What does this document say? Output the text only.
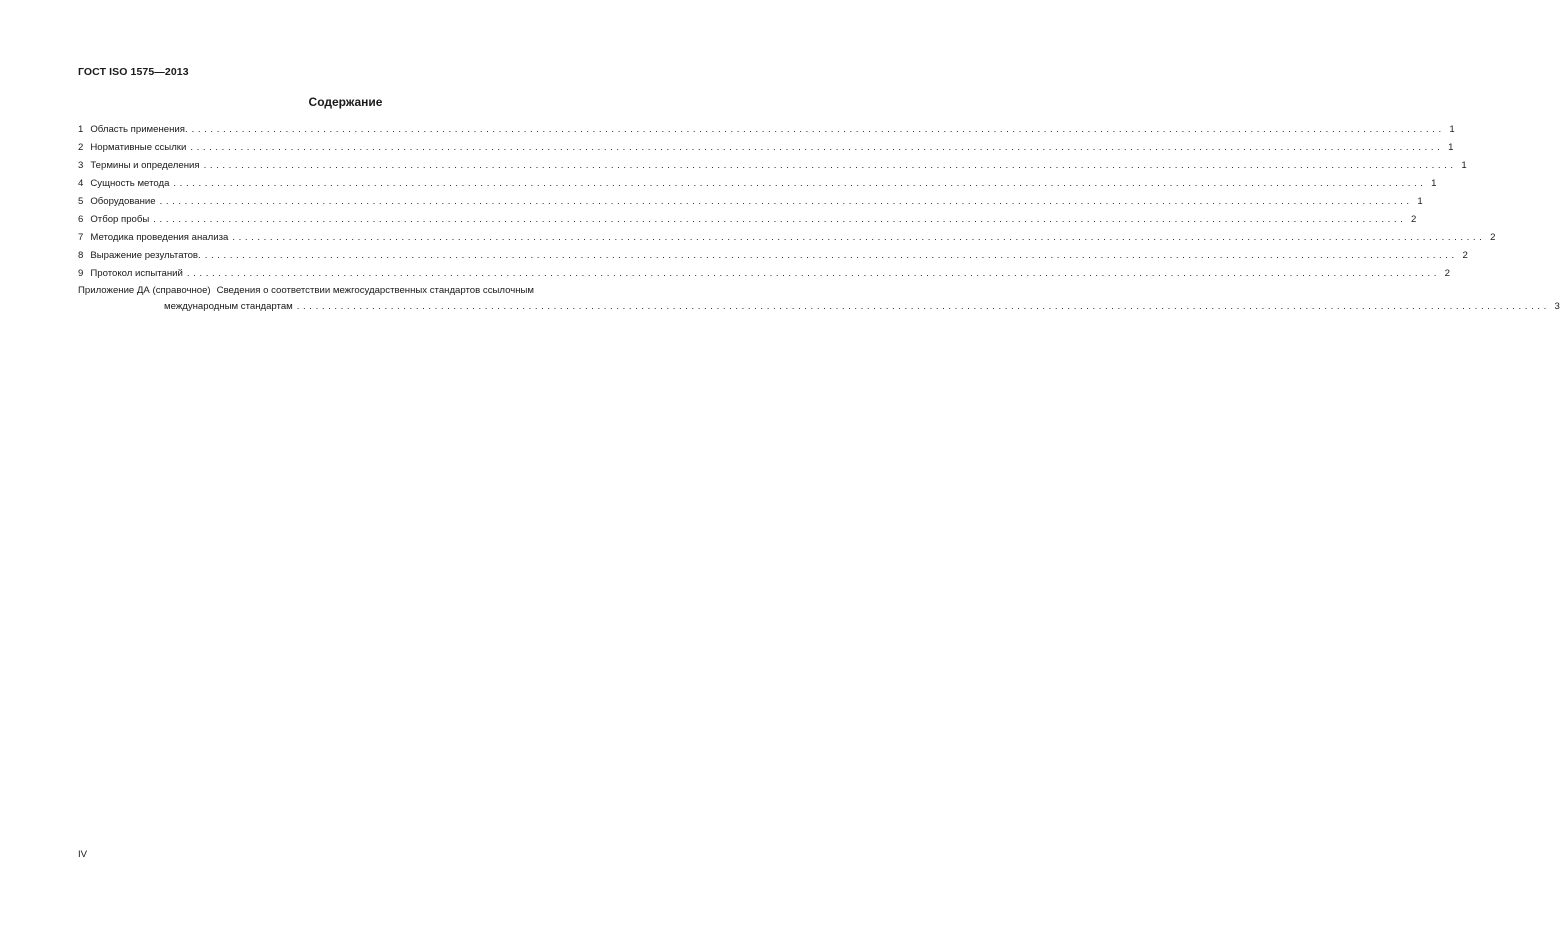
ГОСТ ISO 1575—2013
Содержание
1 Область применения. ........................................................................................................................................................................................................ 1
2 Нормативные ссылки ........................................................................................................................................................................................................ 1
3 Термины и определения ........................................................................................................................................................................................................ 1
4 Сущность метода ........................................................................................................................................................................................................ 1
5 Оборудование ........................................................................................................................................................................................................ 1
6 Отбор пробы ........................................................................................................................................................................................................ 2
7 Методика проведения анализа ........................................................................................................................................................................................................ 2
8 Выражение результатов. ........................................................................................................................................................................................................ 2
9 Протокол испытаний ........................................................................................................................................................................................................ 2
Приложение ДА (справочное) Сведения о соответствии межгосударственных стандартов ссылочным
международным стандартам ........................................................................................................................................................................................................ 3
IV
